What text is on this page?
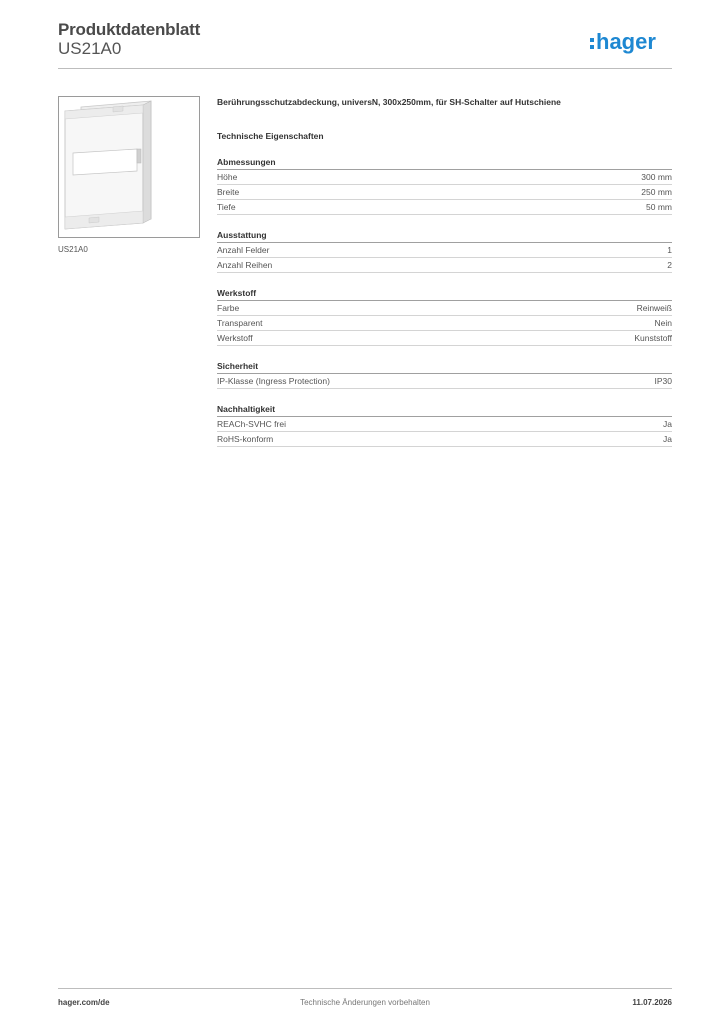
Produktdatenblatt
US21A0	hager
US21A0
Berührungsschutzabdeckung, universN, 300x250mm, für SH-Schalter auf Hutschiene
Technische Eigenschaften
Abmessungen
Höhe	300 mm
Breite	250 mm
Tiefe	50 mm
Ausstattung
Anzahl Felder	1
Anzahl Reihen	2
Werkstoff
Farbe	Reinweiß
Transparent	Nein
Werkstoff	Kunststoff
Sicherheit
IP-Klasse (Ingress Protection)	IP30
Nachhaltigkeit
REACh-SVHC frei	Ja
RoHS-konform	Ja
hager.com/de	Technische Änderungen vorbehalten	11.07.2026
